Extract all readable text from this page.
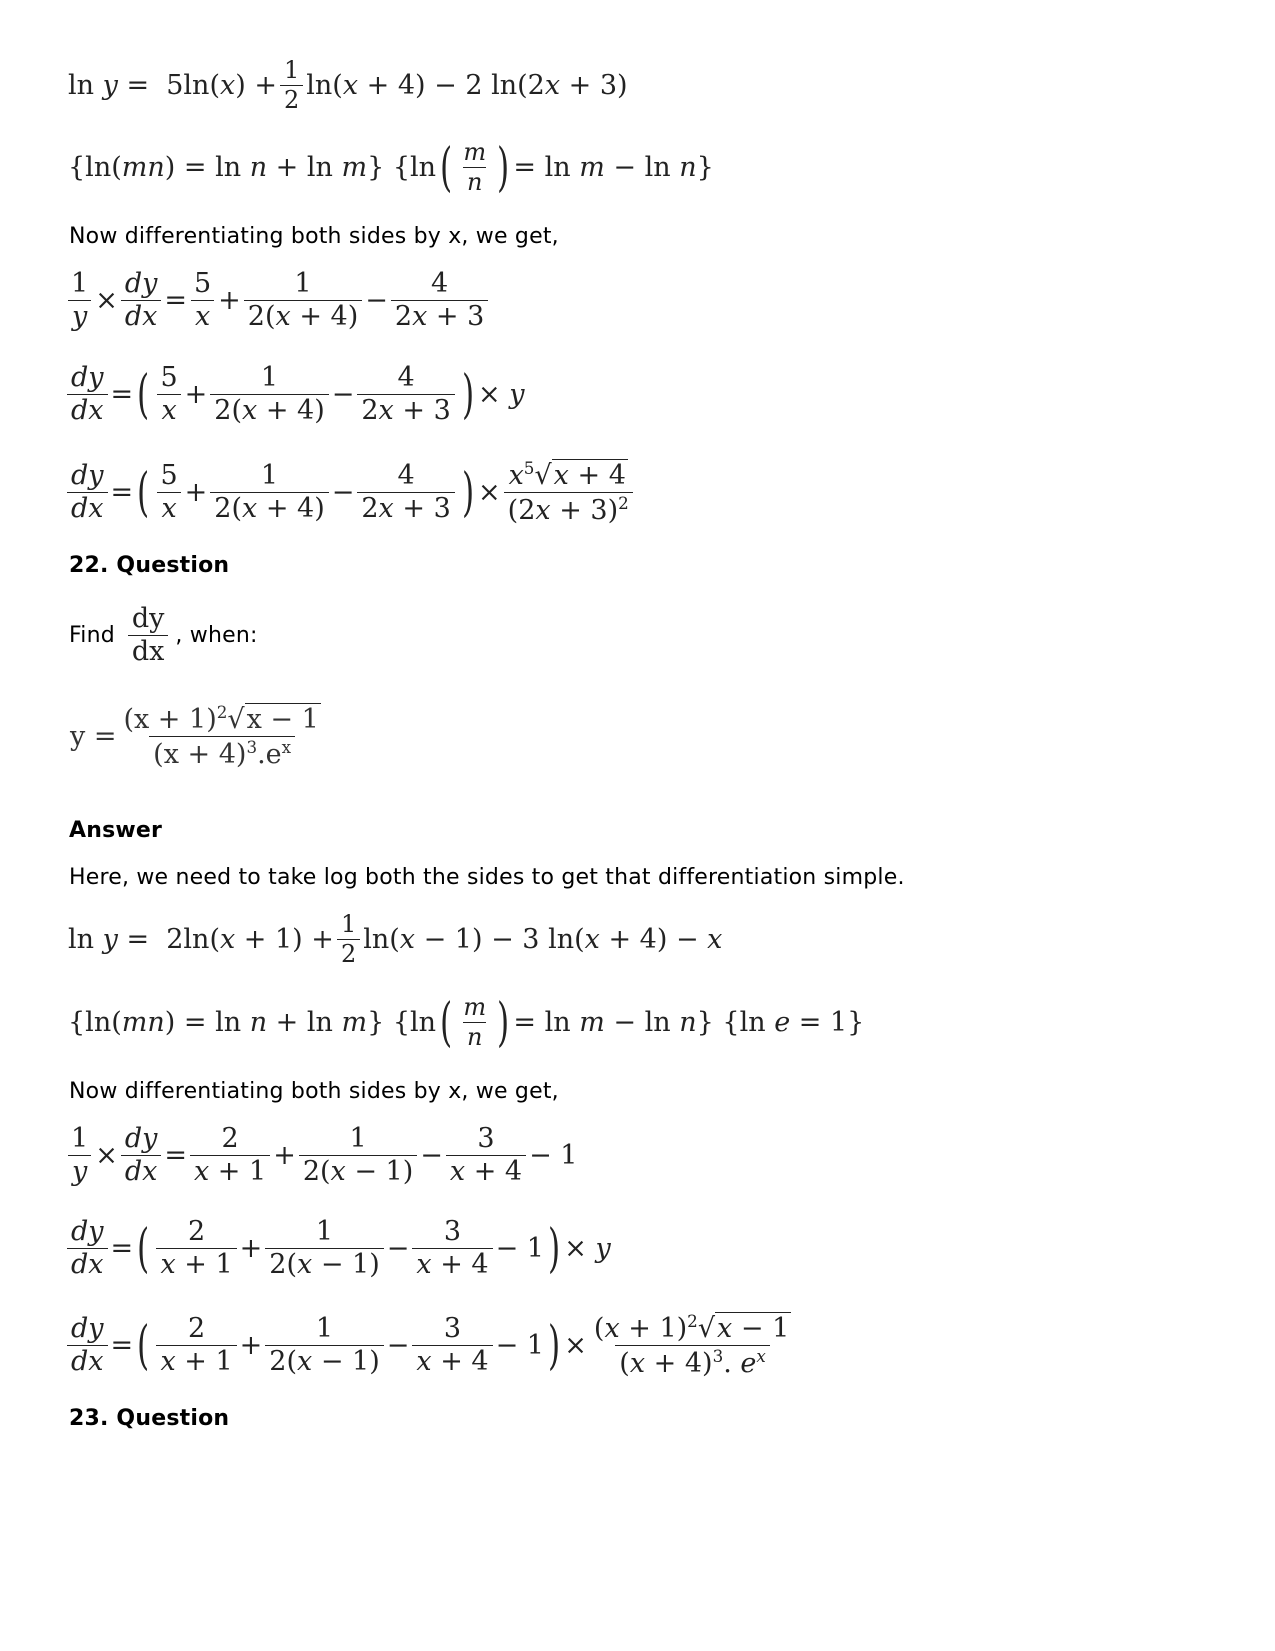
$\ln y = 5\ln(x) + \frac{1}{2} \ln(x + 4) - 2$ ln(2x + 3)
{ln(mn) = ln n + ln m} {ln ( $\frac{m}{n}$ ) = ln m − ln n}
Now differentiating both sides by x, we get,
$\frac{1}{y} \times \frac{dy}{dx} = \frac{5}{x} + \frac{1}{2(x + 4)} - \frac{4}{2x + 3}$
$\frac{dy}{dx}$ = ( $\frac{5}{x} + \frac{1}{2(x + 4)} - \frac{4}{2x + 3}$ ) × y
$\frac{dy}{dx}$ = ( $\frac{5}{x} + \frac{1}{2(x + 4)} - \frac{4}{2x + 3}$ ) × $\frac{x^5√x + 4}{(2x + 3)^2}$
22. Question
Find $\frac{dy}{dx}$ , when:
$y = \frac{(x + 1)^2√x - 1}{(x + 4)^3.e^x}$
Answer
Here, we need to take log both the sides to get that differentiation simple.
$\ln y = 2\ln(x + 1) + \frac{1}{2} \ln(x - 1) - 3$ ln(x + 4) − x
{ln(mn) = ln n + ln m} {ln ( $\frac{m}{n}$ ) = ln m − ln n} {ln e = 1}
Now differentiating both sides by x, we get,
$\frac{1}{y} \times \frac{dy}{dx} = \frac{2}{x + 1} + \frac{1}{2(x - 1)} - \frac{3}{x + 4} - 1$
$\frac{dy}{dx}$ = ( $\frac{2}{x + 1} + \frac{1}{2(x - 1)} - \frac{3}{x + 4} - 1$ ) × y
$\frac{dy}{dx}$ = ( $\frac{2}{x + 1} + \frac{1}{2(x - 1)} - \frac{3}{x + 4} - 1$ ) × $\frac{(x + 1)^2√x - 1}{(x + 4)^3. e^x}$
23. Question
